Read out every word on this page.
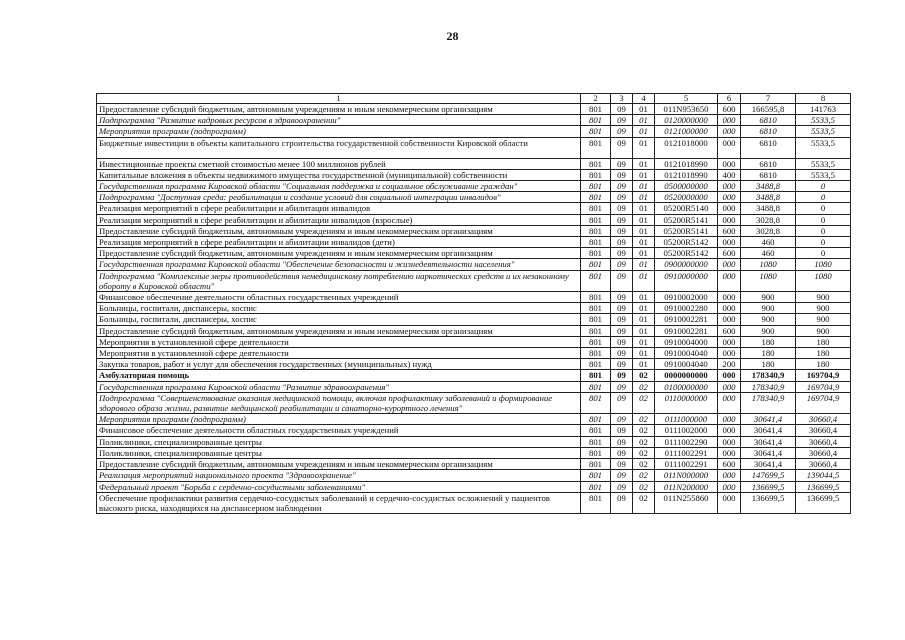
28
1	2	3	4	5	6	7	8
Предоставление субсидий бюджетным, автономным учреждениям и иным некоммерческим организациям	801	09	01	011N953650	600	166595,8	141763
Подпрограмма "Развитие кадровых ресурсов в здравоохранении"	801	09	01	0120000000	000	6810	5533,5
Мероприятия программ (подпрограмм)	801	09	01	0121000000	000	6810	5533,5
Бюджетные инвестиции в объекты капитального строительства государственной собственности Кировской области	801	09	01	0121018000	000	6810	5533,5
Инвестиционные проекты сметной стоимостью менее 100 миллионов рублей	801	09	01	0121018990	000	6810	5533,5
Капитальные вложения в объекты недвижимого имущества государственной (муниципальной) собственности	801	09	01	0121018990	400	6810	5533,5
Государственная программа Кировской области "Социальная поддержка и социальное обслуживание граждан"	801	09	01	0500000000	000	3488,8	0
Подпрограмма "Доступная среда: реабилитация и создание условий для социальной интеграции инвалидов"	801	09	01	0520000000	000	3488,8	0
Реализация мероприятий в сфере реабилитации и абилитации инвалидов	801	09	01	05200R5140	000	3488,8	0
Реализация мероприятий в сфере реабилитации и абилитации инвалидов (взрослые)	801	09	01	05200R5141	000	3028,8	0
Предоставление субсидий бюджетным, автономным учреждениям и иным некоммерческим организациям	801	09	01	05200R5141	600	3028,8	0
Реализация мероприятий в сфере реабилитации и абилитации инвалидов (дети)	801	09	01	05200R5142	000	460	0
Предоставление субсидий бюджетным, автономным учреждениям и иным некоммерческим организациям	801	09	01	05200R5142	600	460	0
Государственная программа Кировской области "Обеспечение безопасности и жизнедеятельности населения"	801	09	01	0900000000	000	1080	1080
Подпрограмма "Комплексные меры противодействия немедицинскому потреблению наркотических средств и их незаконному обороту в Кировской области"	801	09	01	0910000000	000	1080	1080
Финансовое обеспечение деятельности областных государственных учреждений	801	09	01	0910002000	000	900	900
Больницы, госпитали, диспансеры, хоспис	801	09	01	0910002280	000	900	900
Больницы, госпитали, диспансеры, хоспис	801	09	01	0910002281	000	900	900
Предоставление субсидий бюджетным, автономным учреждениям и иным некоммерческим организациям	801	09	01	0910002281	600	900	900
Мероприятия в установленной сфере деятельности	801	09	01	0910004000	000	180	180
Мероприятия в установленной сфере деятельности	801	09	01	0910004040	000	180	180
Закупка товаров, работ и услуг для обеспечения государственных (муниципальных) нужд	801	09	01	0910004040	200	180	180
Амбулаторная помощь	801	09	02	0000000000	000	178340,9	169704,9
Государственная программа Кировской области "Развитие здравоохранения"	801	09	02	0100000000	000	178340,9	169704,9
Подпрограмма "Совершенствование оказания медицинской помощи, включая профилактику заболеваний и формирование здорового образа жизни, развитие медицинской реабилитации и санаторно-курортного лечения"	801	09	02	0110000000	000	178340,9	169704,9
Мероприятия программ (подпрограмм)	801	09	02	0111000000	000	30641,4	30660,4
Финансовое обеспечение деятельности областных государственных учреждений	801	09	02	0111002000	000	30641,4	30660,4
Поликлиники, специализированные центры	801	09	02	0111002290	000	30641,4	30660,4
Поликлиники, специализированные центры	801	09	02	0111002291	000	30641,4	30660,4
Предоставление субсидий бюджетным, автономным учреждениям и иным некоммерческим организациям	801	09	02	0111002291	600	30641,4	30660,4
Реализация мероприятий национального проекта "Здравоохранение"	801	09	02	011N000000	000	147699,5	139044,5
Федеральный проект "Борьба с сердечно-сосудистыми заболеваниями"	801	09	02	011N200000	000	136699,5	136699,5
Обеспечение профилактики развития сердечно-сосудистых заболеваний и сердечно-сосудистых осложнений у пациентов высокого риска, находящихся на диспансерном наблюдении	801	09	02	011N255860	000	136699,5	136699,5
